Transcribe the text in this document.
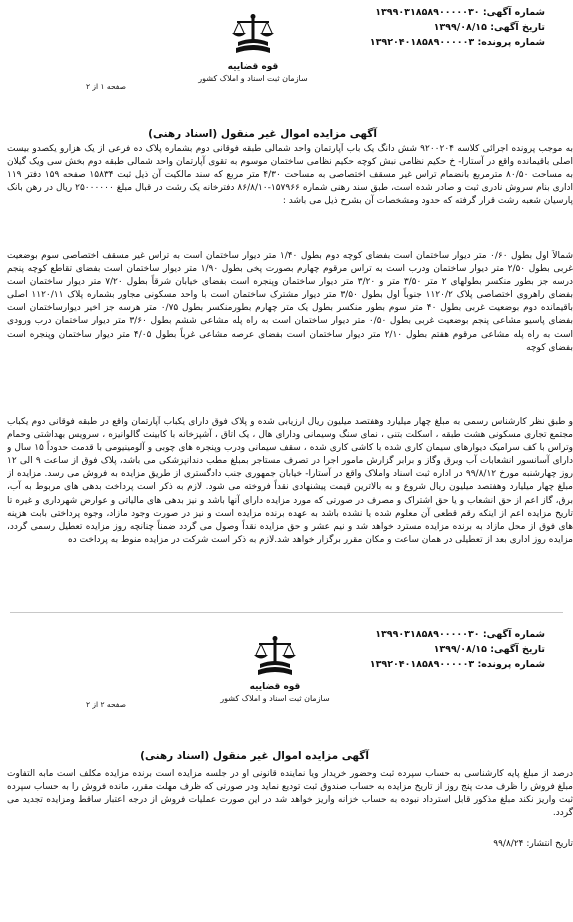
شماره آگهی: ۱۳۹۹۰۳۱۸۵۸۹۰۰۰۰۰۳۰
تاریخ آگهی: ۱۳۹۹/۰۸/۱۵
شماره پرونده: ۱۳۹۲۰۴۰۱۸۵۸۹۰۰۰۰۰۳
قوه قضاییه
سازمان ثبت اسناد و املاک کشور
صفحه ۱ از ۲
آگهی مزایده اموال غیر منقول (اسناد رهنی)

به موجب پرونده اجرائی کلاسه ۹۲۰۰۲۰۴ شش دانگ یک باب آپارتمان واحد شمالی طبقه فوقانی دوم بشماره پلاک ده فرعی از یک هزارو یکصدو بیست اصلی باقیمانده واقع در آستارا- خ حکیم نظامی نبش کوچه حکیم نظامی ساختمان موسوم به تقوی آپارتمان واحد شمالی طبقه دوم بخش سی ویک گیلان به مساحت ۸۰/۵۰ مترمربع بانضمام تراس غیر مسقف اختصاصی به مساحت ۴/۳۰ متر مربع که سند مالکیت آن ذیل ثبت ۱۵۸۳۴ صفحه ۱۵۹ دفتر ۱۱۹ اداری بنام سروش نادری ثبت و صادر شده است، طبق سند رهنی شماره ۱۵۷۹۶۶-۸۶/۸/۱۰ دفترخانه یک رشت در قبال مبلغ ۲۵۰۰۰۰۰۰ ریال در رهن بانک پارسیان شعبه رشت قرار گرفته که حدود ومشخصات آن بشرح ذیل می باشد :

شمالاً اول بطول ۰/۶۰ متر دیوار ساختمان است بفضای کوچه دوم بطول ۱/۴۰ متر دیوار ساختمان است به تراس غیر مسقف اختصاصی سوم بوضعیت غربی بطول ۲/۵۰ متر دیوار ساختمان ودرب است به تراس مرقوم چهارم بصورت پخی بطول ۱/۹۰ متر دیوار ساختمان است بفضای تقاطع کوچه پنجم درسه جز بطور منکسر بطولهای ۲ متر ۳/۵۰ متر و ۳/۲۰ متر دیوار ساختمان وپنجره است بفضای خیابان شرقاً بطول ۷/۲۰ متر دیوار ساختمان است بفضای راهروی اختصاصی پلاک ۱۱۲۰/۲ جنوباً اول بطول ۳/۵۰ متر دیوار مشترک ساختمان است با واحد مسکونی مجاور بشماره پلاک ۱۱۲۰/۱۱ اصلی باقیمانده دوم بوضعیت غربی بطول ۴۰ متر سوم بطور منکسر بطول یک متر چهارم بطورمنکسر بطول ۰/۷۵ متر هرسه جز اخیر دیوارساختمان است بفضای پاسیو مشاعی پنجم بوضعیت غربی بطول ۰/۵۰ متر دیوار ساختمان است به راه پله مشاعی ششم بطول ۳/۶۰ متر دیوار ساختمان درب ورودی است به راه پله مشاعی مرقوم هفتم بطول ۲/۱۰ متر دیوار ساختمان است بفضای عرصه مشاعی غرباً بطول ۴/۰۵ متر دیوار ساختمان وپنجره است بفضای کوچه

و طبق نظر کارشناس رسمی به مبلغ چهار میلیارد وهفتصد میلیون ریال ارزیابی شده و پلاک فوق دارای یکباب آپارتمان واقع در طبقه فوقانی دوم یکباب مجتمع تجاری مسکونی هشت طبقه ، اسکلت بتنی ، نمای سنگ وسیمانی ودارای هال ، یک اتاق ، آشپزخانه با کابینت گالوانیزه ، سرویس بهداشتی وحمام وتراس با کف سرامیک دیوارهای سیمان کاری شده با کاشی کاری شده ، سقف سیمانی ودرب وپنجره های چوبی و آلومینیومی با قدمت حدوداً ۱۵ سال و دارای آسانسور انشعابات آب وبرق وگاز و برابر گزارش مامور اجرا در تصرف مستاجر بمبلغ مطب دندانپزشکی می باشد، پلاک فوق از ساعت ۹ الی ۱۲ روز چهارشنبه مورخ ۹۹/۸/۱۲ در اداره ثبت اسناد واملاک واقع در آستارا- خیابان جمهوری جنب دادگستری از طریق مزایده به فروش می رسد. مزایده از مبلغ چهار میلیارد وهفتصد میلیون ریال شروع و به بالاترین قیمت پیشنهادی نقداً فروخته می شود. لازم به ذکر است پرداخت بدهی های مربوط به آب، برق، گاز اعم از حق انشعاب و یا حق اشتراک و مصرف در صورتی که مورد مزایده دارای آنها باشد و نیز بدهی های مالیاتی و عوارض شهرداری و غیره تا تاریخ مزایده اعم از اینکه رقم قطعی آن معلوم شده یا نشده باشد به عهده برنده مزایده است و نیز در صورت وجود مازاد، وجوه پرداختی بابت هزینه های فوق از محل مازاد به برنده مزایده مسترد خواهد شد و نیم عشر و حق مزایده نقداً وصول می گردد ضمناً چنانچه روز مزایده تعطیل رسمی گردد، مزایده روز اداری بعد از تعطیلی در همان ساعت و مکان مقرر برگزار خواهد شد.لازم به ذکر است شرکت در مزایده منوط به پرداخت ده

شماره آگهی: ۱۳۹۹۰۳۱۸۵۸۹۰۰۰۰۰۳۰
تاریخ آگهی: ۱۳۹۹/۰۸/۱۵
شماره پرونده: ۱۳۹۲۰۴۰۱۸۵۸۹۰۰۰۰۰۳
قوه قضاییه
سازمان ثبت اسناد و املاک کشور
صفحه ۲ از ۲
آگهی مزایده اموال غیر منقول (اسناد رهنی)

درصد از مبلغ پایه کارشناسی به حساب سپرده ثبت وحضور خریدار ویا نماینده قانونی او در جلسه مزایده است برنده مزایده مکلف است مابه التفاوت مبلغ فروش را ظرف مدت پنج روز از تاریخ مزایده به حساب صندوق ثبت تودیع نماید ودر صورتی که ظرف مهلت مقرر، مانده فروش را به حساب سپرده ثبت واریز نکند مبلغ مذکور قابل استرداد نبوده به حساب خزانه واریز خواهد شد در این صورت عملیات فروش از درجه اعتبار ساقط ومزایده تجدید می گردد.

تاریخ انتشار: ۹۹/۸/۲۴
